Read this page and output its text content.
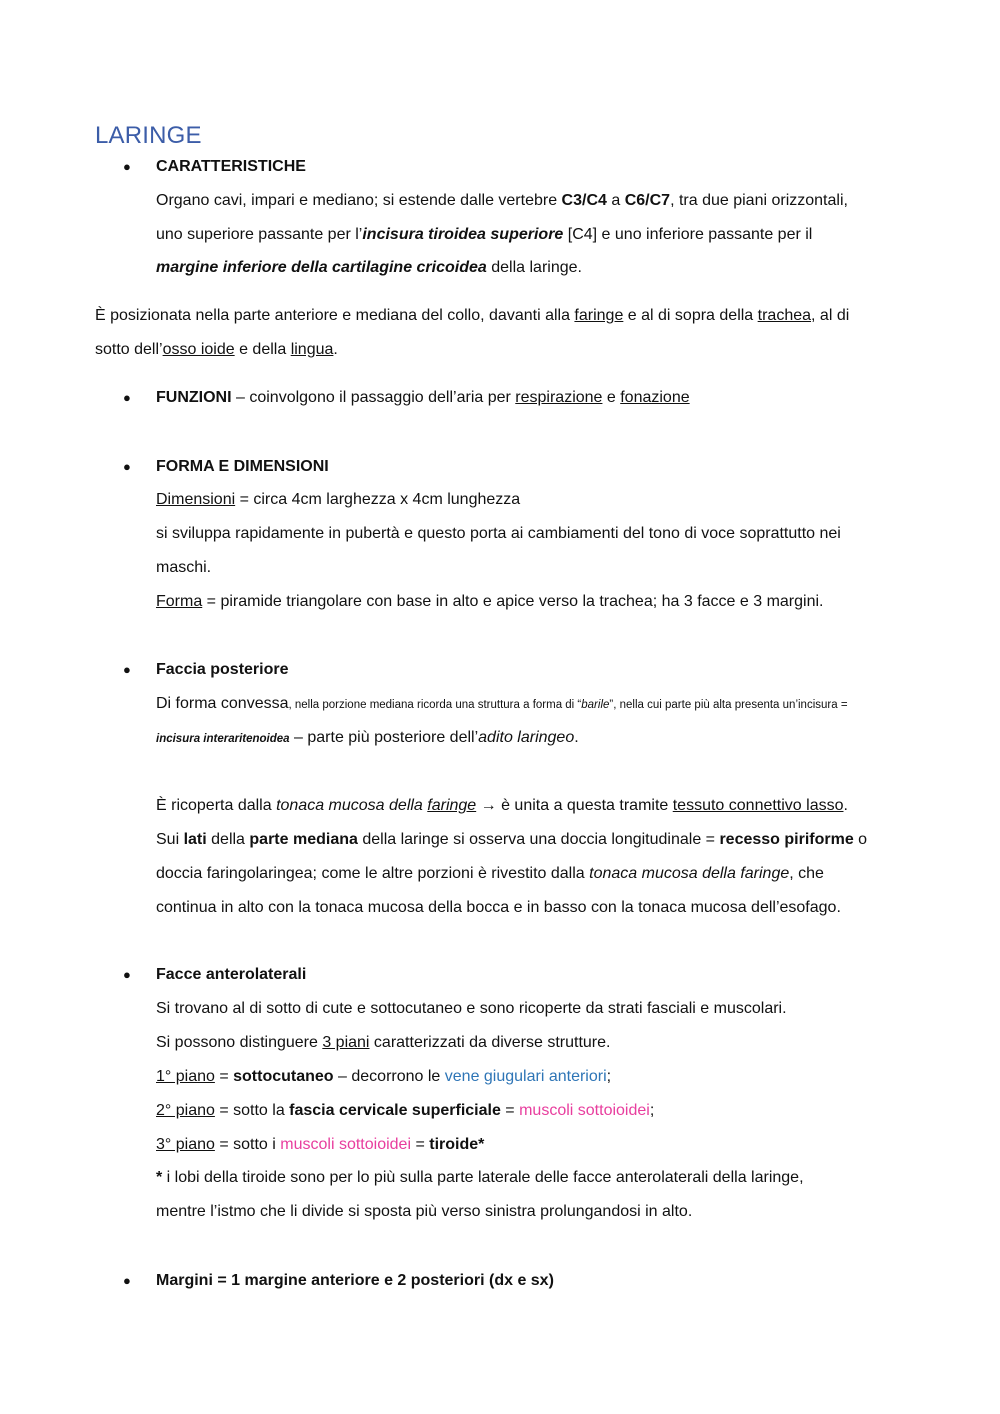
LARINGE
● CARATTERISTICHE
Organo cavi, impari e mediano; si estende dalle vertebre C3/C4 a C6/C7, tra due piani orizzontali,
uno superiore passante per l’incisura tiroidea superiore [C4] e uno inferiore passante per il
margine inferiore della cartilagine cricoidea della laringe.
È posizionata nella parte anteriore e mediana del collo, davanti alla faringe e al di sopra della trachea, al di
sotto dell’osso ioide e della lingua.
● FUNZIONI – coinvolgono il passaggio dell’aria per respirazione e fonazione
● FORMA E DIMENSIONI
Dimensioni = circa 4cm larghezza x 4cm lunghezza
si sviluppa rapidamente in pubertà e questo porta ai cambiamenti del tono di voce soprattutto nei
maschi.
Forma = piramide triangolare con base in alto e apice verso la trachea; ha 3 facce e 3 margini.
● Faccia posteriore
Di forma convessa, nella porzione mediana ricorda una struttura a forma di “barile”, nella cui parte più alta presenta un’incisura =
incisura interaritenoidea – parte più posteriore dell’adito laringeo.
È ricoperta dalla tonaca mucosa della faringe → è unita a questa tramite tessuto connettivo lasso.
Sui lati della parte mediana della laringe si osserva una doccia longitudinale = recesso piriforme o
doccia faringolaringea; come le altre porzioni è rivestito dalla tonaca mucosa della faringe, che
continua in alto con la tonaca mucosa della bocca e in basso con la tonaca mucosa dell’esofago.
● Facce anterolaterali
Si trovano al di sotto di cute e sottocutaneo e sono ricoperte da strati fasciali e muscolari.
Si possono distinguere 3 piani caratterizzati da diverse strutture.
1° piano = sottocutaneo – decorrono le vene giugulari anteriori;
2° piano = sotto la fascia cervicale superficiale = muscoli sottoioidei;
3° piano = sotto i muscoli sottoioidei = tiroide*
* i lobi della tiroide sono per lo più sulla parte laterale delle facce anterolaterali della laringe,
mentre l’istmo che li divide si sposta più verso sinistra prolungandosi in alto.
● Margini = 1 margine anteriore e 2 posteriori (dx e sx)
